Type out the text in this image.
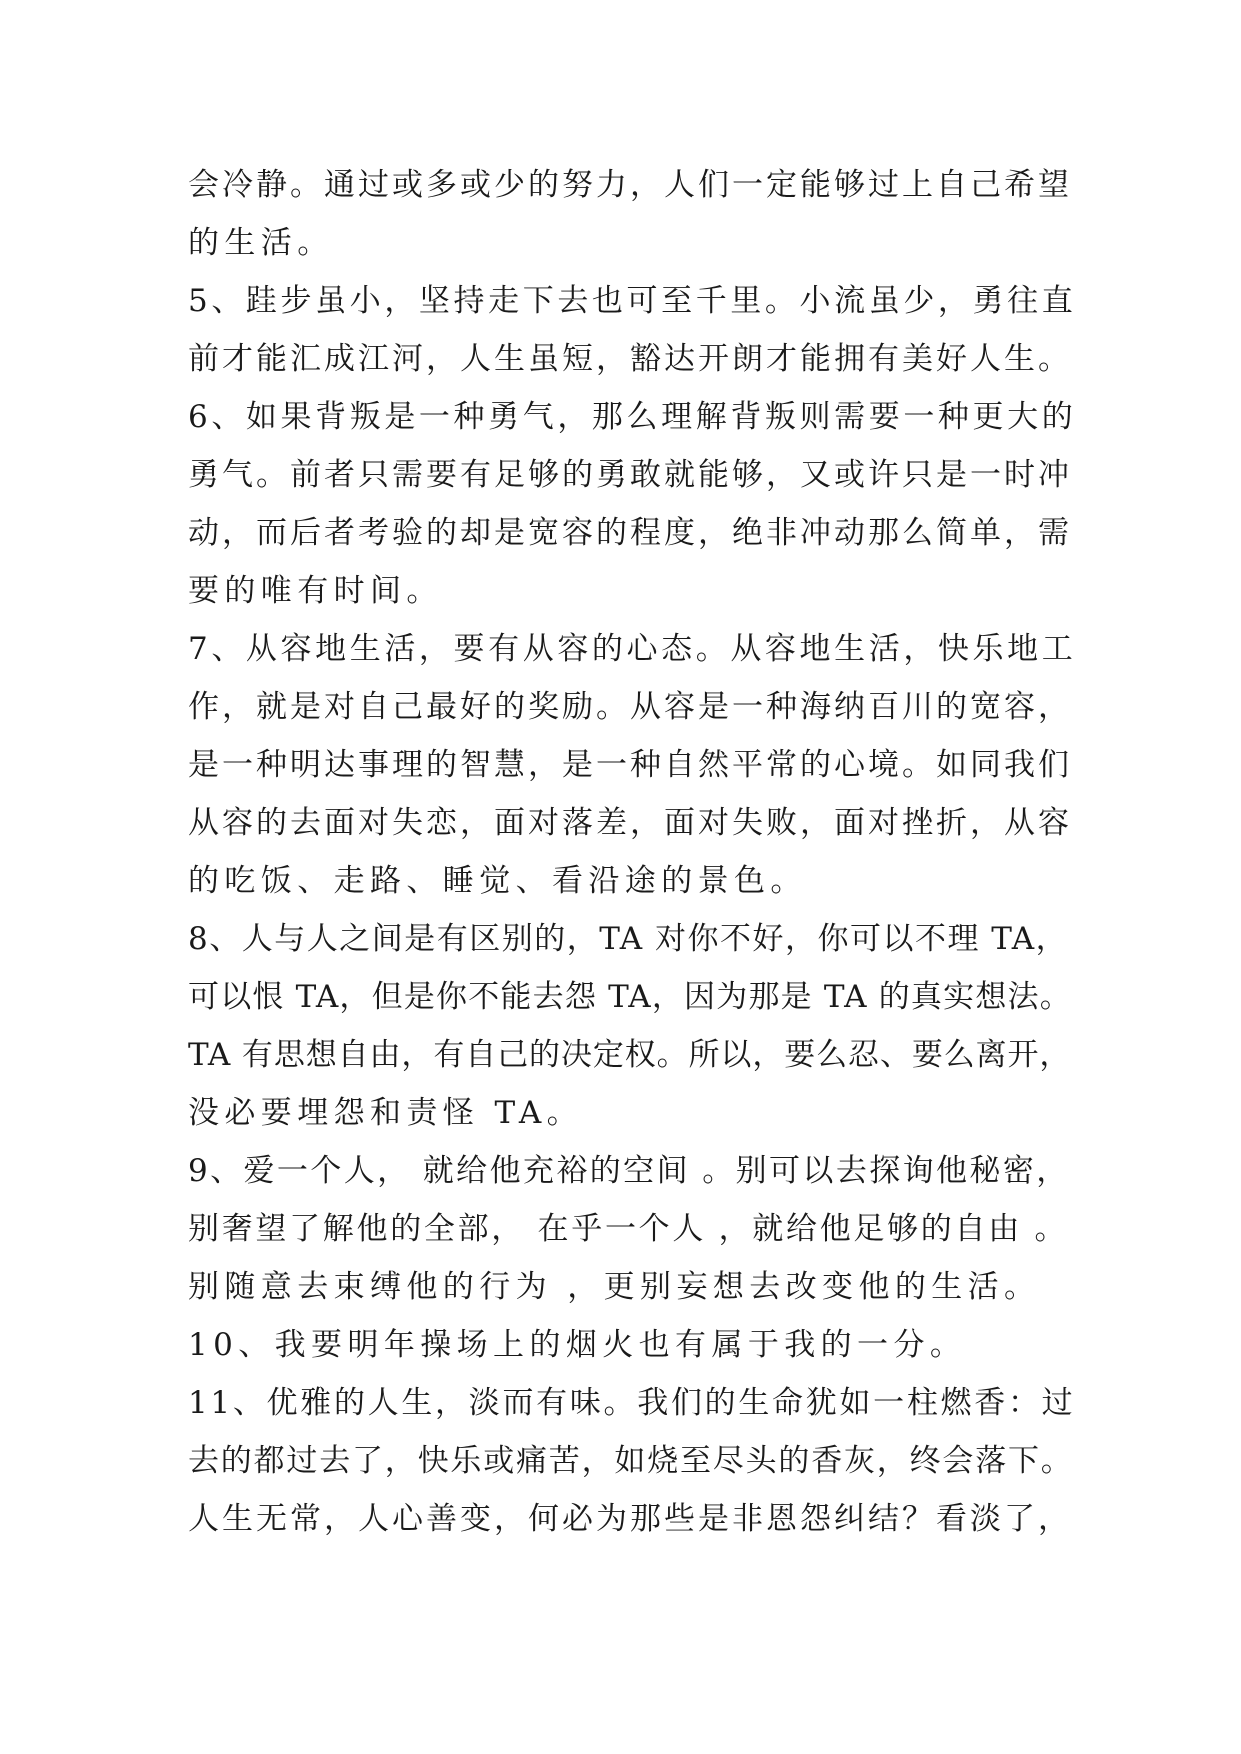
会冷静。通过或多或少的努力，人们一定能够过上自己希望
的生活。
5、跬步虽小，坚持走下去也可至千里。小流虽少，勇往直
前才能汇成江河，人生虽短，豁达开朗才能拥有美好人生。
6、如果背叛是一种勇气，那么理解背叛则需要一种更大的
勇气。前者只需要有足够的勇敢就能够，又或许只是一时冲
动，而后者考验的却是宽容的程度，绝非冲动那么简单，需
要的唯有时间。
7、从容地生活，要有从容的心态。从容地生活，快乐地工
作，就是对自己最好的奖励。从容是一种海纳百川的宽容，
是一种明达事理的智慧，是一种自然平常的心境。如同我们
从容的去面对失恋，面对落差，面对失败，面对挫折，从容
的吃饭、走路、睡觉、看沿途的景色。
8、人与人之间是有区别的，TA 对你不好，你可以不理 TA，
可以恨 TA，但是你不能去怨 TA，因为那是 TA 的真实想法。
TA 有思想自由，有自己的决定权。所以，要么忍、要么离开，
没必要埋怨和责怪 TA。
9、爱一个人， 就给他充裕的空间 。别可以去探询他秘密，
别奢望了解他的全部， 在乎一个人 ，就给他足够的自由 。
别随意去束缚他的行为 ，更别妄想去改变他的生活。
10、我要明年操场上的烟火也有属于我的一分。
11、优雅的人生，淡而有味。我们的生命犹如一柱燃香：过
去的都过去了，快乐或痛苦，如烧至尽头的香灰，终会落下。
人生无常，人心善变，何必为那些是非恩怨纠结？看淡了，
